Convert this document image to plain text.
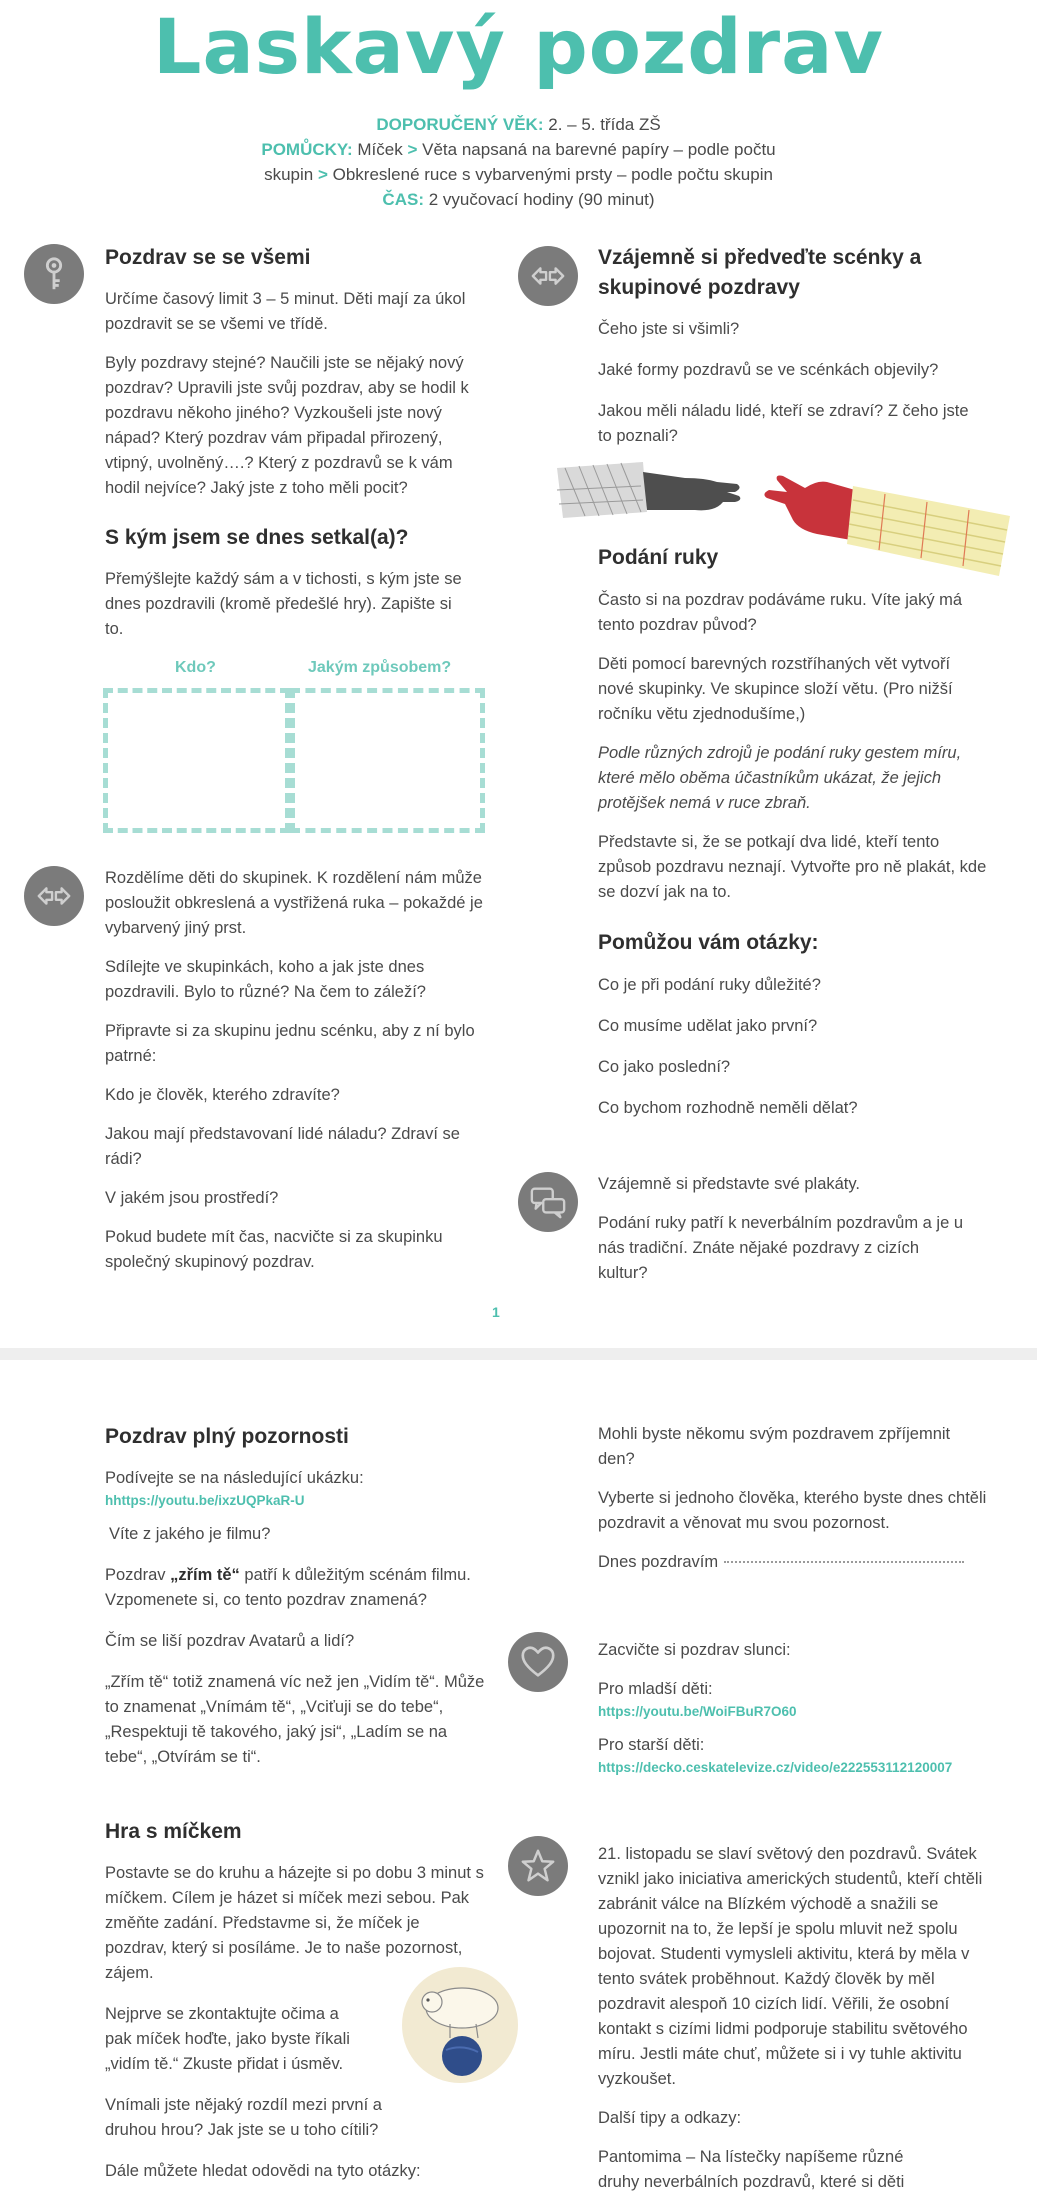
Laskavý pozdrav
DOPORUČENÝ VĚK: 2. – 5. třída ZŠ
POMŮCKY: Míček > Věta napsaná na barevné papíry – podle počtu
skupin > Obkreslené ruce s vybarvenými prsty – podle počtu skupin
ČAS: 2 vyučovací hodiny (90 minut)
Pozdrav se se všemi

Určíme časový limit 3 – 5 minut. Děti mají za úkol pozdravit se se všemi ve třídě.

Byly pozdravy stejné? Naučili jste se nějaký nový pozdrav? Upravili jste svůj pozdrav, aby se hodil k pozdravu někoho jiného? Vyzkoušeli jste nový nápad? Který pozdrav vám připadal přirozený, vtipný, uvolněný….? Který z pozdravů se k vám hodil nejvíce? Jaký jste z toho měli pocit?

S kým jsem se dnes setkal(a)?

Přemýšlejte každý sám a v tichosti, s kým jste se dnes pozdravili (kromě předešlé hry). Zapište si to.

Kdo?	Jakým způsobem?

Rozdělíme děti do skupinek. K rozdělení nám může posloužit obkreslená a vystřižená ruka – pokaždé je vybarvený jiný prst.

Sdílejte ve skupinkách, koho a jak jste dnes pozdravili. Bylo to různé? Na čem to záleží?

Připravte si za skupinu jednu scénku, aby z ní bylo patrné:

Kdo je člověk, kterého zdravíte?

Jakou mají představovaní lidé náladu? Zdraví se rádi?

V jakém jsou prostředí?

Pokud budete mít čas, nacvičte si za skupinku společný skupinový pozdrav.

Vzájemně si předveďte scénky a skupinové pozdravy

Čeho jste si všimli?

Jaké formy pozdravů se ve scénkách objevily?

Jakou měli náladu lidé, kteří se zdraví? Z čeho jste to poznali?

Podání ruky

Často si na pozdrav podáváme ruku. Víte jaký má tento pozdrav původ?

Děti pomocí barevných rozstříhaných vět vytvoří nové skupinky. Ve skupince složí větu. (Pro nižší ročníku větu zjednodušíme,)

Podle různých zdrojů je podání ruky gestem míru, které mělo oběma účastníkům ukázat, že jejich protějšek nemá v ruce zbraň.

Představte si, že se potkají dva lidé, kteří tento způsob pozdravu neznají. Vytvořte pro ně plakát, kde se dozví jak na to.

Pomůžou vám otázky:

Co je při podání ruky důležité?

Co musíme udělat jako první?

Co jako poslední?

Co bychom rozhodně neměli dělat?

Vzájemně si představte své plakáty.

Podání ruky patří k neverbálním pozdravům a je u nás tradiční. Znáte nějaké pozdravy z cizích kultur?

1
Pozdrav plný pozornosti

Podívejte se na následující ukázku:

hhttps://youtu.be/ixzUQPkaR-U

Víte z jakého je filmu?

Pozdrav „zřím tě“ patří k důležitým scénám filmu. Vzpomenete si, co tento pozdrav znamená?

Čím se liší pozdrav Avatarů a lidí?

„Zřím tě“ totiž znamená víc než jen „Vidím tě“. Může to znamenat „Vnímám tě“, „Vciťuji se do tebe“, „Respektuji tě takového, jaký jsi“, „Ladím se na tebe“, „Otvírám se ti“.

Hra s míčkem

Postavte se do kruhu a házejte si po dobu 3 minut s míčkem. Cílem je házet si míček mezi sebou. Pak změňte zadání. Představme si, že míček je pozdrav, který si posíláme. Je to naše pozornost, zájem.

Nejprve se zkontaktujte očima a pak míček hoďte, jako byste říkali „vidím tě.“ Zkuste přidat i úsměv.

Vnímali jste nějaký rozdíl mezi první a druhou hrou? Jak jste se u toho cítili?

Dále můžete hledat odovědi na tyto otázky:

Mohli byste někomu svým pozdravem zpříjemnit den?

Vyberte si jednoho člověka, kterého byste dnes chtěli pozdravit a věnovat mu svou pozornost.

Dnes pozdravím

Zacvičte si pozdrav slunci:

Pro mladší děti:

https://youtu.be/WoiFBuR7O60

Pro starší děti:

https://decko.ceskatelevize.cz/video/e222553112120007

21. listopadu se slaví světový den pozdravů. Svátek vznikl jako iniciativa amerických studentů, kteří chtěli zabránit válce na Blízkém východě a snažili se upozornit na to, že lepší je spolu mluvit než spolu bojovat. Studenti vymysleli aktivitu, která by měla v tento svátek proběhnout. Každý člověk by měl pozdravit alespoň 10 cizích lidí. Věřili, že osobní kontakt s cizími lidmi podporuje stabilitu světového míru. Jestli máte chuť, můžete si i vy tuhle aktivitu vyzkoušet.

Další tipy a odkazy:

Pantomima – Na lístečky napíšeme různé druhy neverbálních pozdravů, které si děti
